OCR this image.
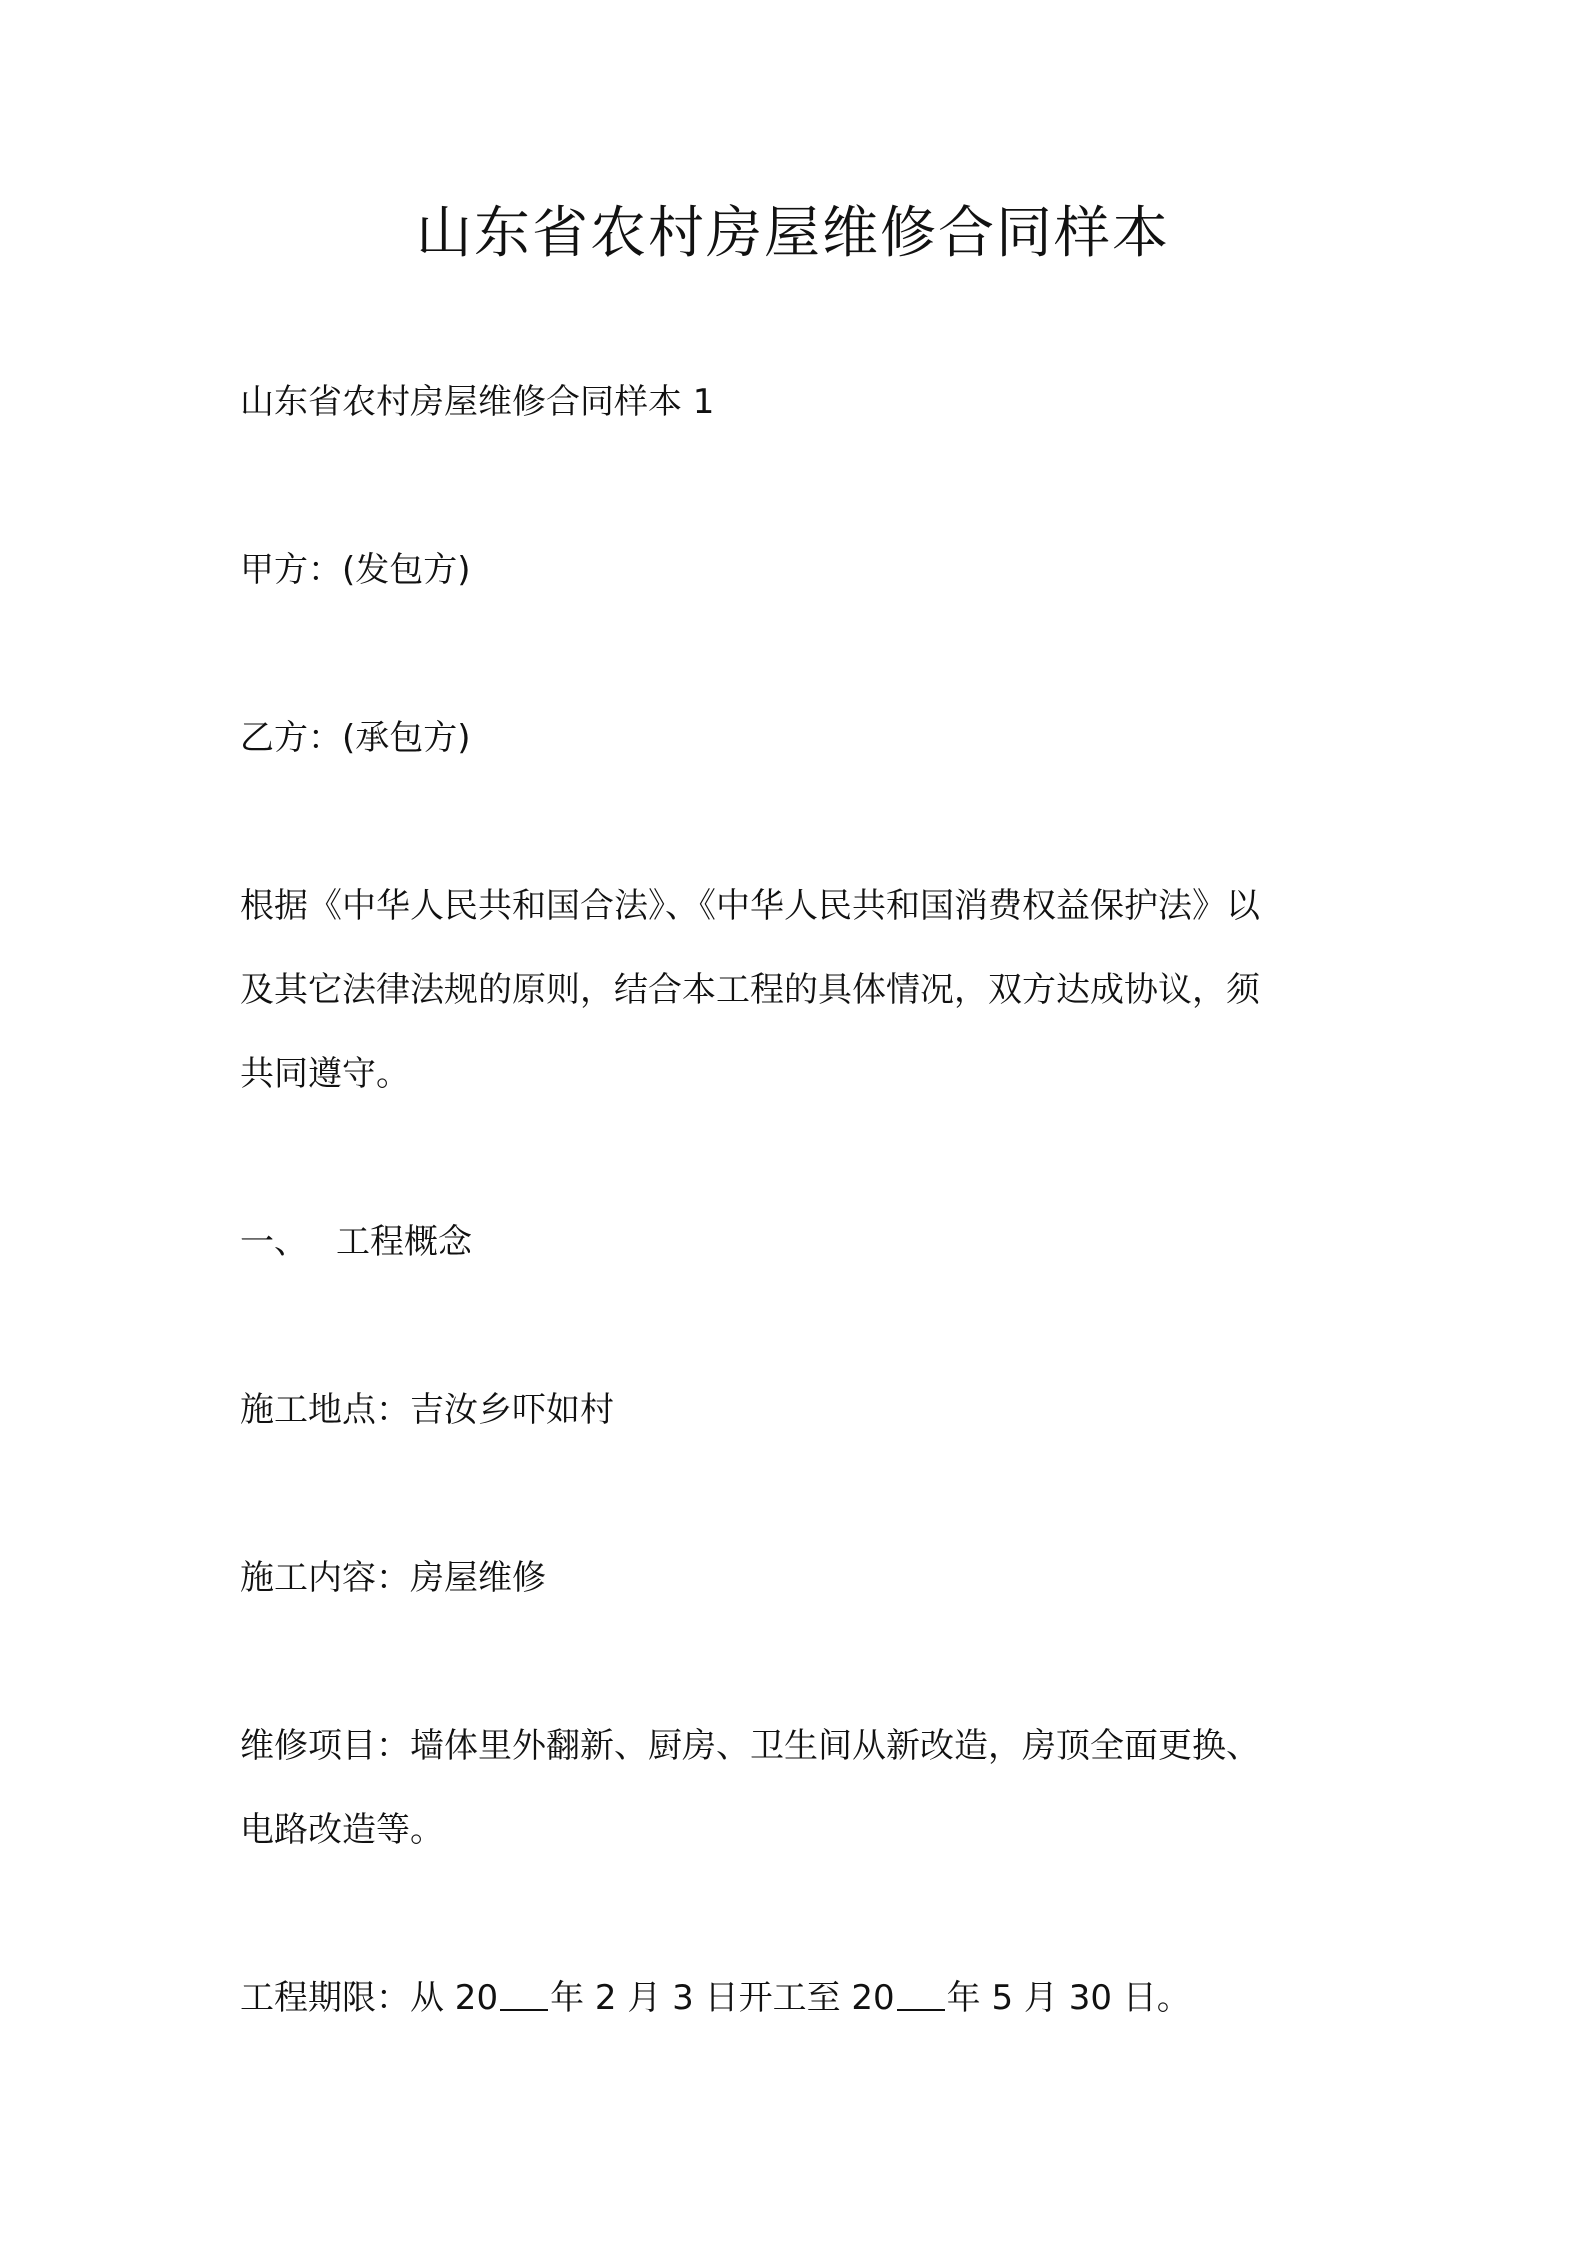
山东省农村房屋维修合同样本

山东省农村房屋维修合同样本 1

甲方：(发包方)

乙方：(承包方)

根据《中华人民共和国合法》、《中华人民共和国消费权益保护法》以
及其它法律法规的原则，结合本工程的具体情况，双方达成协议，须
共同遵守。

一、 工程概念

施工地点：吉汝乡吓如村

施工内容：房屋维修

维修项目：墙体里外翻新、厨房、卫生间从新改造，房顶全面更换、
电路改造等。

工程期限：从 20 年 2 月 3 日开工至 20 年 5 月 30 日。
